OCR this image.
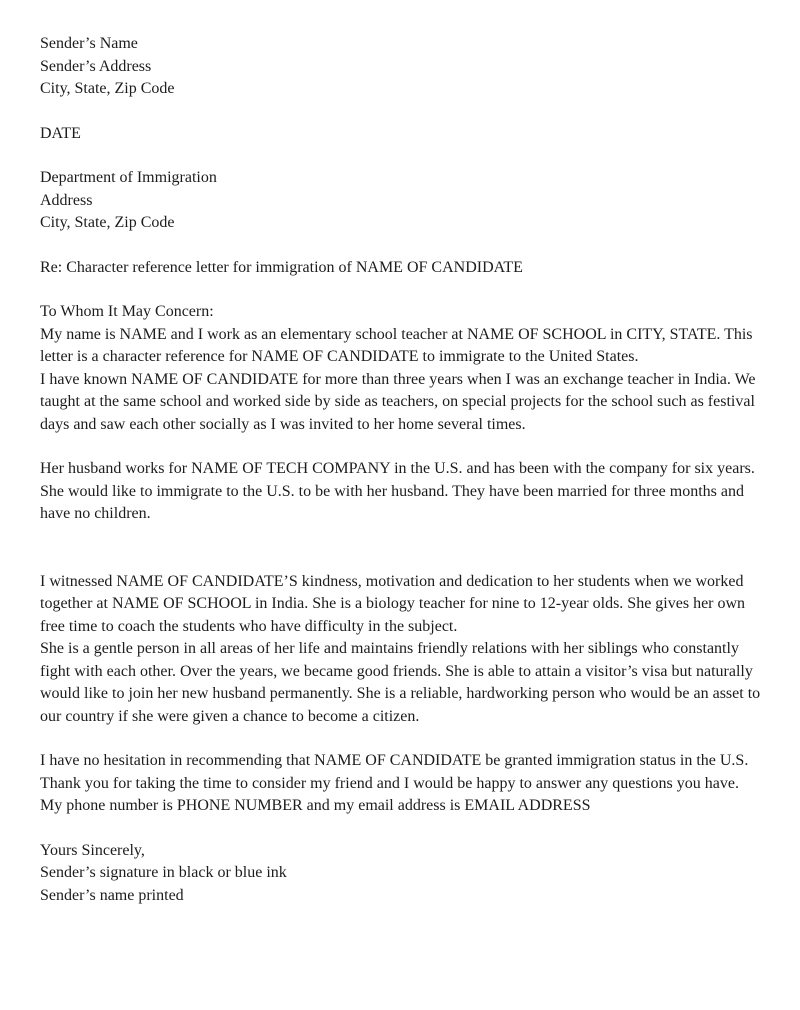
Sender’s Name

Sender’s Address

City, State, Zip Code

DATE

Department of Immigration

Address

City, State, Zip Code

Re: Character reference letter for immigration of NAME OF CANDIDATE

To Whom It May Concern:

My name is NAME and I work as an elementary school teacher at NAME OF SCHOOL in CITY, STATE. This letter is a character reference for NAME OF CANDIDATE to immigrate to the United States.

I have known NAME OF CANDIDATE for more than three years when I was an exchange teacher in India. We taught at the same school and worked side by side as teachers, on special projects for the school such as festival days and saw each other socially as I was invited to her home several times.

Her husband works for NAME OF TECH COMPANY in the U.S. and has been with the company for six years. She would like to immigrate to the U.S. to be with her husband. They have been married for three months and have no children.

I witnessed NAME OF CANDIDATE’S kindness, motivation and dedication to her students when we worked together at NAME OF SCHOOL in India. She is a biology teacher for nine to 12-year olds. She gives her own free time to coach the students who have difficulty in the subject.

She is a gentle person in all areas of her life and maintains friendly relations with her siblings who constantly fight with each other. Over the years, we became good friends. She is able to attain a visitor’s visa but naturally would like to join her new husband permanently. She is a reliable, hardworking person who would be an asset to our country if she were given a chance to become a citizen.

I have no hesitation in recommending that NAME OF CANDIDATE be granted immigration status in the U.S. Thank you for taking the time to consider my friend and I would be happy to answer any questions you have. My phone number is PHONE NUMBER and my email address is EMAIL ADDRESS

Yours Sincerely,

Sender’s signature in black or blue ink

Sender’s name printed
